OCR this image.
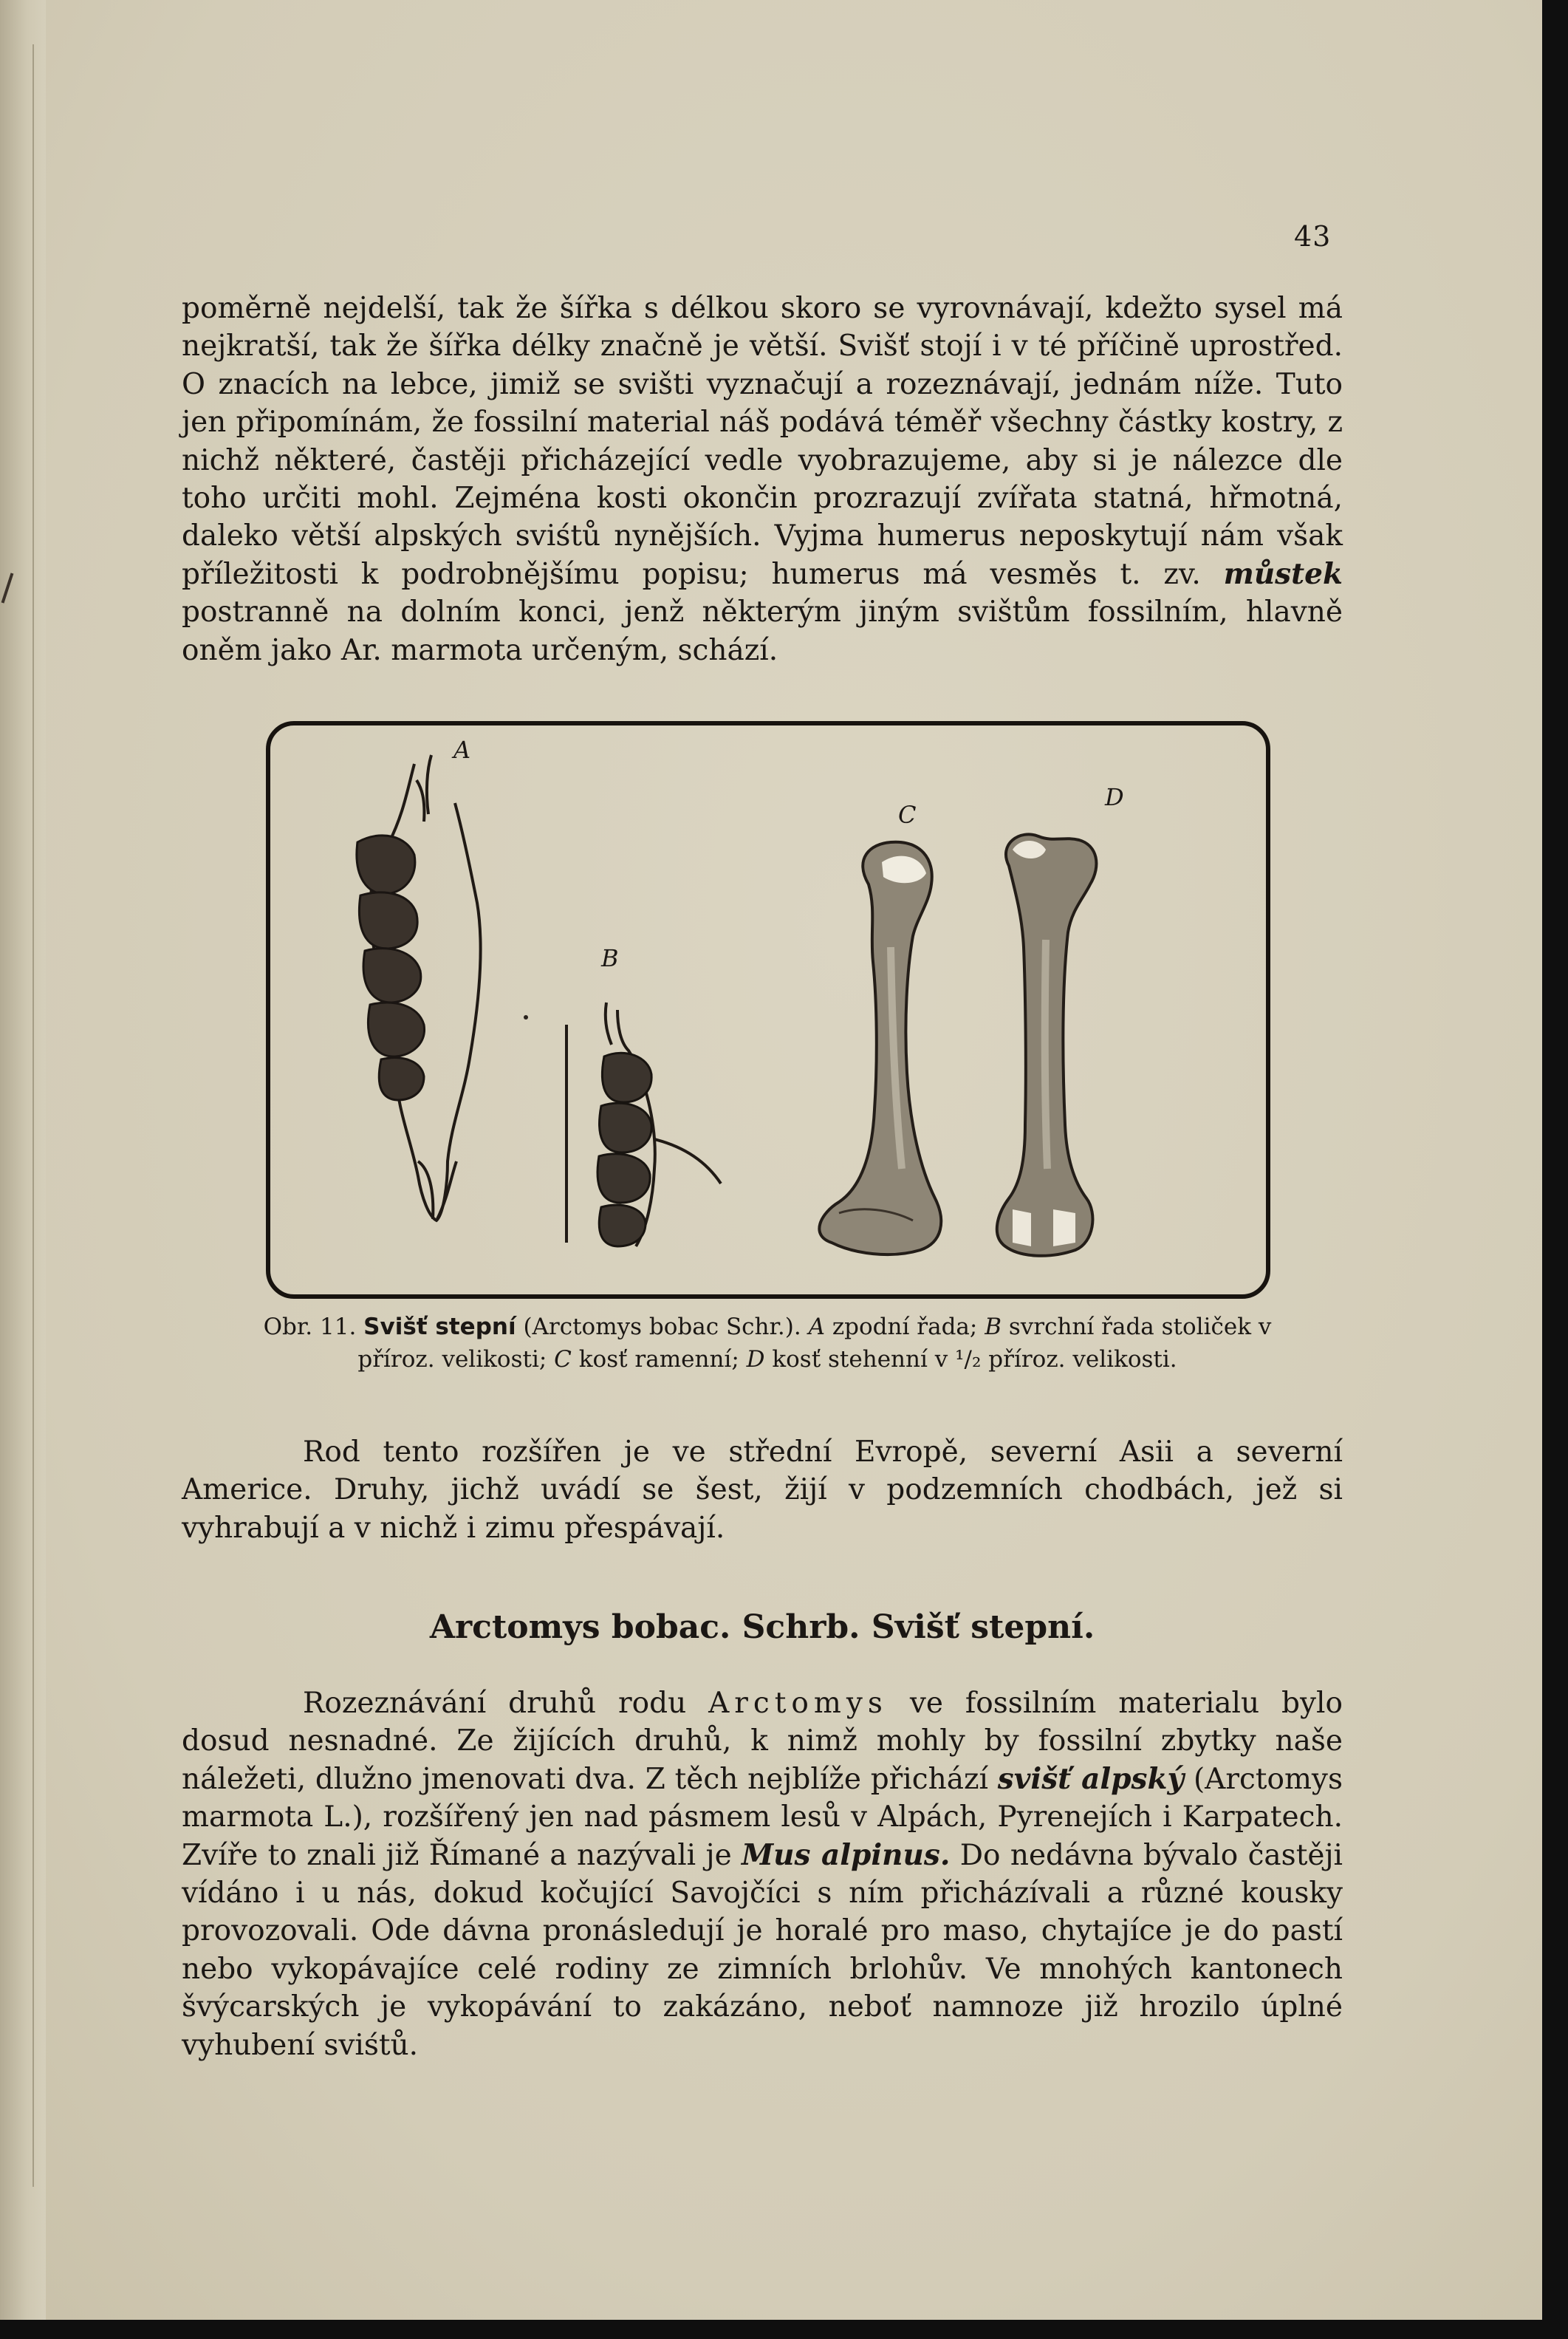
43

poměrně nejdelší, tak že šířka s délkou skoro se vyrovnávají, kdežto sysel má nejkratší, tak že šířka délky značně je větší. Svišť stojí i v té příčině uprostřed. O znacích na lebce, jimiž se svišti vyznačují a rozeznávají, jednám níže. Tuto jen připomínám, že fossilní material náš podává téměř všechny částky kostry, z nichž některé, častěji přicházející vedle vyobrazujeme, aby si je nálezce dle toho určiti mohl. Zejména kosti okončin prozrazují zvířata statná, hřmotná, daleko větší alpských sviśtů nynějších. Vyjma humerus neposkytují nám však příležitosti k podrobnějšímu popisu; humerus má vesměs t. zv. můstek postranně na dolním konci, jenž některým jiným svištům fossilním, hlavně oněm jako Ar. marmota určeným, schází.

A
B
C
D

Obr. 11. Svišť stepní (Arctomys bobac Schr.). A zpodní řada; B svrchní řada stoliček v příroz. velikosti; C kosť ramenní; D kosť stehenní v ¹/₂ příroz. velikosti.

Rod tento rozšířen je ve střední Evropě, severní Asii a severní Americe. Druhy, jichž uvádí se šest, žijí v podzemních chodbách, jež si vyhrabují a v nichž i zimu přespávají.

Arctomys bobac. Schrb. Svišť stepní.

Rozeznávání druhů rodu Arctomys ve fossilním materialu bylo dosud nesnadné. Ze žijících druhů, k nimž mohly by fossilní zbytky naše náležeti, dlužno jmenovati dva. Z těch nejblíže přichází svišť alpský (Arctomys marmota L.), rozšířený jen nad pásmem lesů v Alpách, Pyrenejích i Karpatech. Zvíře to znali již Římané a nazývali je Mus alpinus. Do nedávna bývalo častěji vídáno i u nás, dokud kočující Savojčíci s ním přicházívali a různé kousky provozovali. Ode dávna pronásledují je horalé pro maso, chytajíce je do pastí nebo vykopávajíce celé rodiny ze zimních brlohův. Ve mnohých kantonech švýcarských je vykopávání to zakázáno, neboť namnoze již hrozilo úplné vyhubení sviśtů.
